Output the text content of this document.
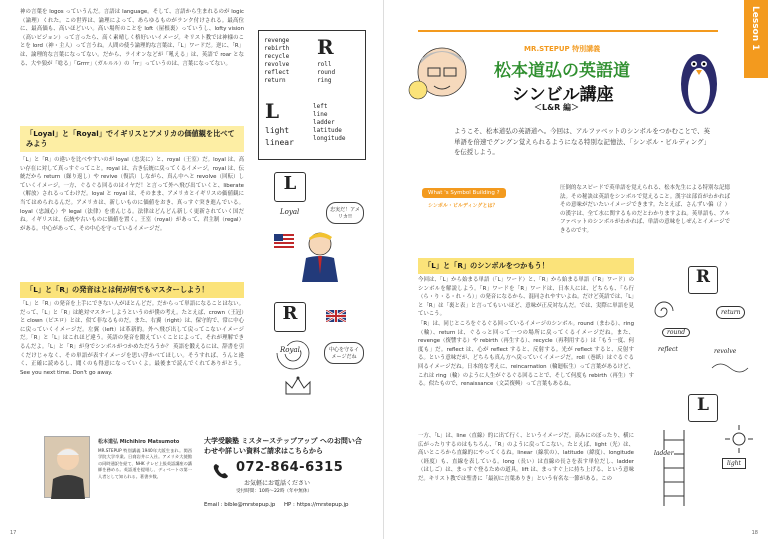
神の言葉を logos っていうんだ。言語は language。そして、言語から生まれるのが logic（論理）くれた。この世界は、論理によって、あらゆるものがランク付けされる。最高位に、最高価も、高いほどいい。高い場所のことを loft（屋根裏）っていうし、lofty vision（高いビジョン）って言ったら、高く素晴しく格好いいイメージ。キリスト教では神様のことを lord（神・主人）って言うね。人間の使う論理的な言葉は、「L」ワードだ。逆に、「R」は、論理的な言葉になってない。だから、ライオンなどが「吼える」は、英語で roar となる、大や狼が「唸る」「Grrrr」（ガルルル）の「rr」っていうのは、言葉になってない。
「Loyal」と「Royal」でイギリスとアメリカの価値観を比べてみよう
「L」と「R」の違いを比べやすいのが loyal（忠実に）と、royal（王室）だ。loyal は、高い存在に対して真っすぐってこと。royal は、古き伝統に戻ってくるイメージ。royal は、伝統だから return（繰り返し）や revive（復活）しながら、真ん中へと revolve（回転）していくイメージ。一方、ぐるぐる回るのはイヤだ！と言って外へ飛び出ていくと、liberate（解放）されるってわけだ。loyal と royal は、そのまま、アメリカとイギリスの価値観に当てはめられるんだ。アメリカは、新しいものに価値をおき、真っすぐ突き進んでいる。loyal（忠誠心）や legal（法律）を重んじる。法律はどんどん新しく更新されていく国だね。イギリスは、伝統や古いものに価値を置く。王室（royal）があって、君主制（regal）がある。中心があって、その中心を守っているイメージだ。
「L」と「R」の発音はとは何が何でもマスターしよう！
「L」と「R」の発音を上手にできない人がほとんどだ。だからって単語になることはない。だって、「L」と「R」は絶対マスターしようというのが僕の考え。たとえば、crown（王冠）と clown（ピエロ）とは、似て非なるものだ。また、右翼（right）は、保守的で、常に中心に戻っていくイメージだ。左翼（left）は革新的。外へ飛び出して戻ってこないイメージだ。「R」と「L」はこれほど違う。英語の発音を鍛えていくことによって、それが理解できるんだよ。「L」と「R」が身でシンボルがつかめただろうか？ 英語を鍛えるには、辞書を引くだけじゃなく、その単語が表すイメージを思い浮かべてほしい。そうすれば、うんと違く、正確に読めるし、聞くのも得意になっていくよ。最後まで読んでくれてありがとう。See you next time. Don't go away.
revenge
rebirth
recycle
revolve
reflect
return
R
roll
round
ring
L
light
linear
left
line
ladder
latitude
longitude
L
Loyal	忠実だ！アメリカ!!
R
Royal	中心を守るイメージだね
松本道弘 Michihiro Matsumoto
MR.STEPUP 特別講義 1940年大阪生まれ。関西学院大学卒業。日商岩井に入社。アメリカ大使館の同時通訳を経て、NHK テレビ上級英語講座の講師を務める。英語道を提唱し、ディベートの第一人者として知られる。著書多数。
大学受験塾 ミスターステップアップ へのお問い合わせや詳しい資料ご請求はこちらから
072-864-6315
お気軽にお電話ください
受付時間：10時〜22時（年中無休）
Email : bible@mrstepup.jp HP : https://mrstepup.jp
17
Lesson 1
MR.STEPUP 特別講義
松本道弘の英語道
シンビル講座
＜L&R 編＞
ようこそ、松本道弘の英語道へ。今回は、アルファベットのシンボルをつかむことで、英単語を倍速でグングン覚えられるようになる特別な記憶法、「シンボル・ビルディング」を伝授しよう。
What 's Symbol Building ?
シンボル・ビルディングとは？
圧倒的なスピードで英単語を覚えられる、松本先生による特別な記憶法。その秘訣は英語をシンボルで覚えること。漢字は部首がわかればその意味がだいたいイメージできます。たとえば、さんずい偏（氵）の漢字は、全て水に関するものだとわかりますよね。英単語も、アルファベットのシンボルがわかれば、単語の意味をしぜんとイメージできるのです。
「L」と「R」のシンボルをつかもう！
今回は、「L」から始まる単語（「L」ワード）と、「R」から始まる単語（「R」ワード）のシンボルを解説しよう。「R」ワードを「R」ワードは、日本人には、どちらも、「ら行（ら・り・る・れ・ろ）」の発音になるから、混同されやすいよね。だけど英語では、「L」と「R」は「裏と表」と言ってもいいほど、意味が正反対なんだ。では、実際に単語を見ていこう。
「R」は、同じところをぐるぐる回っているイメージのシンボル。round（まわる）、ring（輪）、return は、ぐるっと回って一つの場所に戻ってくるイメージだね。また、revenge（復讐する）や rebirth（再生する）、recycle（再利用する）は「もう一度、何度も」だ。reflect は、心が reflect すると、反射する。光が reflect すると、反射する。という意味だが、どちらも真ん方へ戻っていくイメージだ。roll（巻紙）はぐるぐる回るイメージだね。日本的な考えに、reincarnation（輪廻転生）って言葉があるけど、これは ring（輪）のように人生がぐるぐる回ることで、そして何度も rebirth（再生）する。似たもので、renaissance（文芸復興）って言葉もあるね。
一方、「L」は、line（直線）的に出て行く、というイメージだ。高みにのぼったり、横に広がったりするのはもちろん、「R」のように戻ってこない。たとえば、light（光）は、高いところから直線的にやってくるね。linear（線状の）、latitude（緯度）、longitude（経度）も、直線を表している。long（長い）は直線の長さを表す単位だし、ladder（はしご）は、まっすぐ登るための道具。lift は、まっすぐ上に持ち上げる、という意味だ。キリスト教では聖書に「最初に言葉ありき」という有名な一節がある。この
R
round
return
reflect	revolve
L
ladder
light
18
